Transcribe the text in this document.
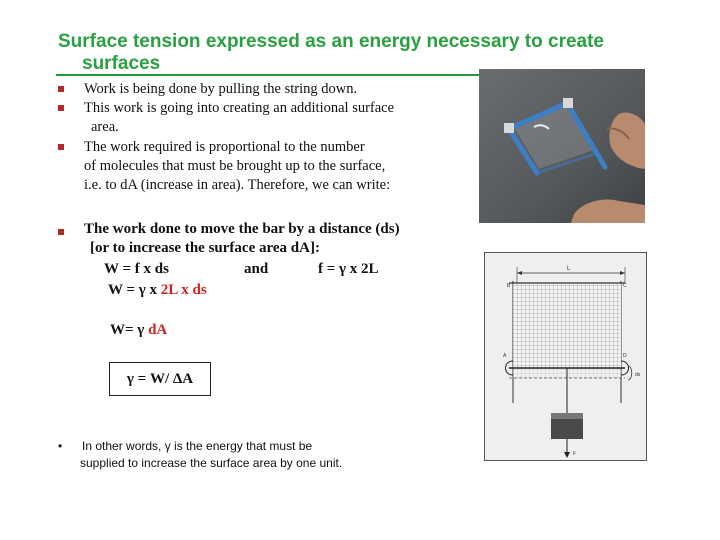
Surface tension expressed as an energy necessary to create
surfaces
Work is being done by pulling the string down.
This work is going into creating an additional surface
area.
The work required is proportional to the number
of molecules that must be brought up to the surface,
i.e. to dA (increase in area). Therefore, we can write:
The work done to move the bar by a distance (ds)
[or to increase the surface area dA]:
W = f x ds	and	f = γ x 2L
W = γ x 2L x ds
W= γ dA
γ = W/ ΔA
• In other words, γ is the energy that must be
supplied to increase the surface area by one unit.
L
ds
B	C
A	D
F
